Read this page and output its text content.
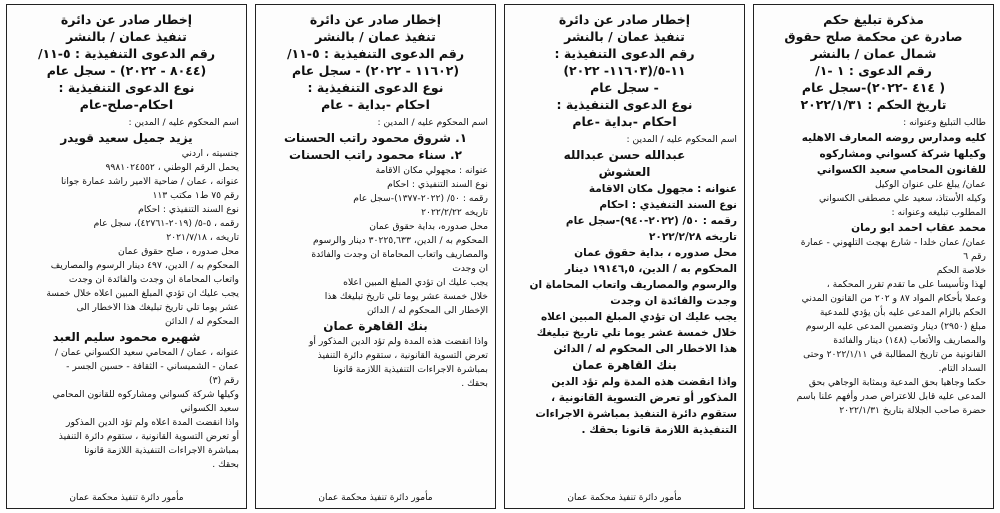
مذكرة تبليغ حكم
صادرة عن محكمة صلح حقوق
شمال عمان / بالنشر
رقم الدعوى : ١ -١/
( ٤١٤ -٢٠٢٢)-سجل عام
تاريخ الحكم : ٢٠٢٢/١/٣١
طالب التبليغ وعنوانه :
كليه ومدارس روضه المعارف الاهليه
وكيلها شركة كسواني ومشاركوه
للقانون المحامي سعيد الكسواني
عمان/ يبلغ على عنوان الوكيل
وكيله الأستاذ، سعيد علي مصطفى الكسواني
المطلوب تبليغه وعنوانه :
محمد عقاب احمد ابو رمان
عمان/ عمان خلدا - شارع بهجت التلهوني - عمارة
رقم ٦
خلاصة الحكم
لهذا وتأسيسا على ما تقدم تقرر المحكمة ،
وعملا بأحكام المواد ٨٧ و ٢٠٢ من القانون المدني
الحكم بالزام المدعى عليه بأن يؤدي للمدعية
مبلغ (٢٩٥٠) دينار وتضمين المدعى عليه الرسوم
والمصاريف والأتعاب (١٤٨) دينار والفائدة
القانونية من تاريخ المطالبة في ٢٠٢٢/١/١١ وحتى
السداد التام.
حكما وجاهيا بحق المدعية وبمثابة الوجاهي بحق
المدعى عليه قابل للاعتراض صدر وأفهم علنا باسم
حضرة صاحب الجلالة بتاريخ ٢٠٢٢/١/٣١
إخطار صادر عن دائرة
تنفيذ عمان / بالنشر
رقم الدعوى التنفيذية :
١١-٥/(١١٦٠٣- ٢٠٢٢)
- سجل عام
نوع الدعوى التنفيذية :
احكام -بداية -عام
اسم المحكوم عليه / المدين :
عبدالله حسن عبدالله
العشوش
عنوانه : مجهول مكان الاقامة
نوع السند التنفيذي : احكام
رقمه : ٥٠/ (٢٠٢٢-٩٤٠)-سجل عام
تاريخه ٢٠٢٢/٢/٢٨
محل صدوره ، بداية حقوق عمان
المحكوم به / الدين، ١٩١٤٦,٥ دينار
والرسوم والمصاريف واتعاب المحاماة ان
وجدت والفائدة ان وجدت
يجب عليك ان تؤدي المبلغ المبين اعلاه
خلال خمسة عشر يوما تلي تاريخ تبليغك
هذا الاخطار الى المحكوم له / الدائن
بنك القاهرة عمان
واذا انقضت هذه المدة ولم تؤد الدين
المذكور أو تعرض التسوية القانونية ،
ستقوم دائرة التنفيذ بمباشرة الاجراءات
التنفيذية اللازمة قانونا بحقك .
مأمور دائرة تنفيذ محكمة عمان
إخطار صادر عن دائرة
تنفيذ عمان / بالنشر
رقم الدعوى التنفيذية : ٥-١١/
(١١٦٠٢ - ٢٠٢٢) - سجل عام
نوع الدعوى التنفيذية :
احكام -بداية - عام
اسم المحكوم عليه / المدين :
١. شروق محمود راتب الحسنات
٢. سناء محمود راتب الحسنات
عنوانه : مجهولي مكان الاقامة
نوع السند التنفيذي : احكام
رقمه : ٥٠/ (٢٠٢٢-١٣٧٧)-سجل عام
تاريخه ٢٠٢٢/٢/٢٢
محل صدوره، بداية حقوق عمان
المحكوم به / الدين، ٣٠٢٢٥,٦٣٣ دينار والرسوم
والمصاريف واتعاب المحاماة ان وجدت والفائدة
ان وجدت
يجب عليك ان تؤدي المبلغ المبين اعلاه
خلال خمسة عشر يوما تلي تاريخ تبليغك هذا
الإخطار الى المحكوم له / الدائن
بنك القاهرة عمان
واذا انقضت هذه المدة ولم تؤد الدين المذكور أو
تعرض التسوية القانونية ، ستقوم دائرة التنفيذ
بمباشرة الاجراءات التنفيذية اللازمة قانونا
بحقك .
مأمور دائرة تنفيذ محكمة عمان
إخطار صادر عن دائرة
تنفيذ عمان / بالنشر
رقم الدعوى التنفيذية : ٥-١١/
(٨٠٤٤ - ٢٠٢٢) - سجل عام
نوع الدعوى التنفيذية :
احكام-صلح-عام
اسم المحكوم عليه / المدين :
يزيد جميل سعيد قويدر
جنسيته ، اردني
يحمل الرقم الوطني ، ٩٩٨١٠٢٤٥٥٢
عنوانه ، عمان / ضاحية الامير راشد عمارة جوانا
رقم ٧٥ ط١ مكتب ١١٣
نوع السند التنفيذي : احكام
رقمه ، ٥-٥/ (٢٠١٩-٤٢٧٦١)، سجل عام
تاريخه ، ٢٠٢١/٧/١٨
محل صدوره ، صلح حقوق عمان
المحكوم به / الدين، ٤٩٧ دينار الرسوم والمصاريف
واتعاب المحاماة ان وجدت والفائدة ان وجدت
يجب عليك ان تؤدي المبلغ المبين اعلاه خلال خمسة
عشر يوما تلي تاريخ تبليغك هذا الاخطار الى
المحكوم له / الدائن
شهيره محمود سليم العبد
عنوانه ، عمان / المحامي سعيد الكسواني عمان /
عمان - الشميساني - الثقافة - حسين الجسر -
رقم (٣)
وكيلها شركة كسواني ومشاركوه للقانون المحامي
سعيد الكسواني
واذا انقضت المدة اعلاه ولم تؤد الدين المذكور
أو تعرض التسوية القانونية ، ستقوم دائرة التنفيذ
بمباشرة الاجراءات التنفيذية اللازمة قانونا
بحقك .
مأمور دائرة تنفيذ محكمة عمان
